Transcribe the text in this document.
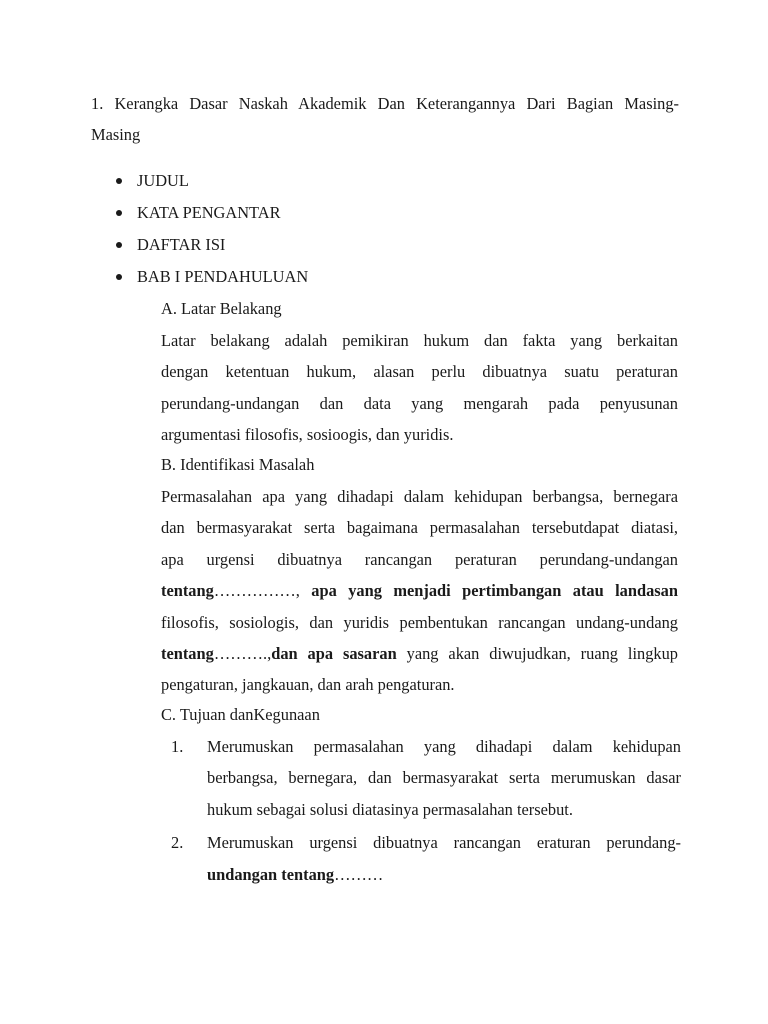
1. Kerangka Dasar Naskah Akademik Dan Keterangannya Dari Bagian Masing-
Masing
JUDUL
KATA PENGANTAR
DAFTAR ISI
BAB I PENDAHULUAN
A. Latar Belakang
Latar belakang adalah pemikiran hukum dan fakta yang berkaitan
dengan ketentuan hukum, alasan perlu dibuatnya suatu peraturan
perundang-undangan dan data yang mengarah pada penyusunan
argumentasi filosofis, sosioogis, dan yuridis.
B. Identifikasi Masalah
Permasalahan apa yang dihadapi dalam kehidupan berbangsa, bernegara
dan bermasyarakat serta bagaimana permasalahan tersebutdapat diatasi,
apa urgensi dibuatnya rancangan peraturan perundang-undangan
tentang……………, apa yang menjadi pertimbangan atau landasan
filosofis, sosiologis, dan yuridis pembentukan rancangan undang-undang
tentang……….,dan apa sasaran yang akan diwujudkan, ruang lingkup
pengaturan, jangkauan, dan arah pengaturan.
C. Tujuan danKegunaan
1. Merumuskan permasalahan yang dihadapi dalam kehidupan
berbangsa, bernegara, dan bermasyarakat serta merumuskan dasar
hukum sebagai solusi diatasinya permasalahan tersebut.
2. Merumuskan urgensi dibuatnya rancangan eraturan perundang-
undangan tentang………
